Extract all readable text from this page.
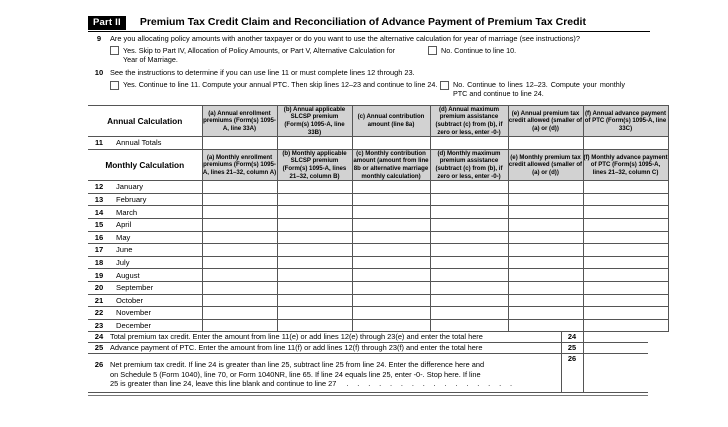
Part II	Premium Tax Credit Claim and Reconciliation of Advance Payment of Premium Tax Credit
9	Are you allocating policy amounts with another taxpayer or do you want to use the alternative calculation for year of marriage (see instructions)?
Yes. Skip to Part IV, Allocation of Policy Amounts, or Part V, Alternative Calculation for Year of Marriage.
No. Continue to line 10.
10 See the instructions to determine if you can use line 11 or must complete lines 12 through 23.
Yes. Continue to line 11. Compute your annual PTC. Then skip lines 12–23 and continue to line 24. No. Continue to lines 12–23. Compute your monthly PTC and continue to line 24.
Annual Calculation	(a) Annual enrollment premiums (Form(s) 1095-A, line 33A)	(b) Annual applicable SLCSP premium (Form(s) 1095-A, line 33B)	(c) Annual contribution amount (line 8a)	(d) Annual maximum premium assistance (subtract (c) from (b), if zero or less, enter -0-)	(e) Annual premium tax credit allowed (smaller of (a) or (d))	(f) Annual advance payment of PTC (Form(s) 1095-A, line 33C)

11 Annual Totals						

Monthly Calculation	(a) Monthly enrollment premiums (Form(s) 1095-A, lines 21–32, column A)	(b) Monthly applicable SLCSP premium (Form(s) 1095-A, lines 21–32, column B)	(c) Monthly contribution amount (amount from line 8b or alternative marriage monthly calculation)	(d) Monthly maximum premium assistance (subtract (c) from (b), if zero or less, enter -0-)	(e) Monthly premium tax credit allowed (smaller of (a) or (d))	(f) Monthly advance payment of PTC (Form(s) 1095-A, lines 21–32, column C)

12 January						

13 February						

14 March						

15 April						

16 May						

17 June						

18 July						

19 August						

20 September						

21 October						

22 November						

23 December						

24	Total premium tax credit. Enter the amount from line 11(e) or add lines 12(e) through 23(e) and enter the total here	24	
25	Advance payment of PTC. Enter the amount from line 11(f) or add lines 12(f) through 23(f) and enter the total here	25	
26	Net premium tax credit. If line 24 is greater than line 25, subtract line 25 from line 24. Enter the difference here and
on Schedule 5 (Form 1040), line 70, or Form 1040NR, line 65. If line 24 equals line 25, enter -0-. Stop here. If line
25 is greater than line 24, leave this line blank and continue to line 27 . . . . . . . . . . . . . . . .	26	
